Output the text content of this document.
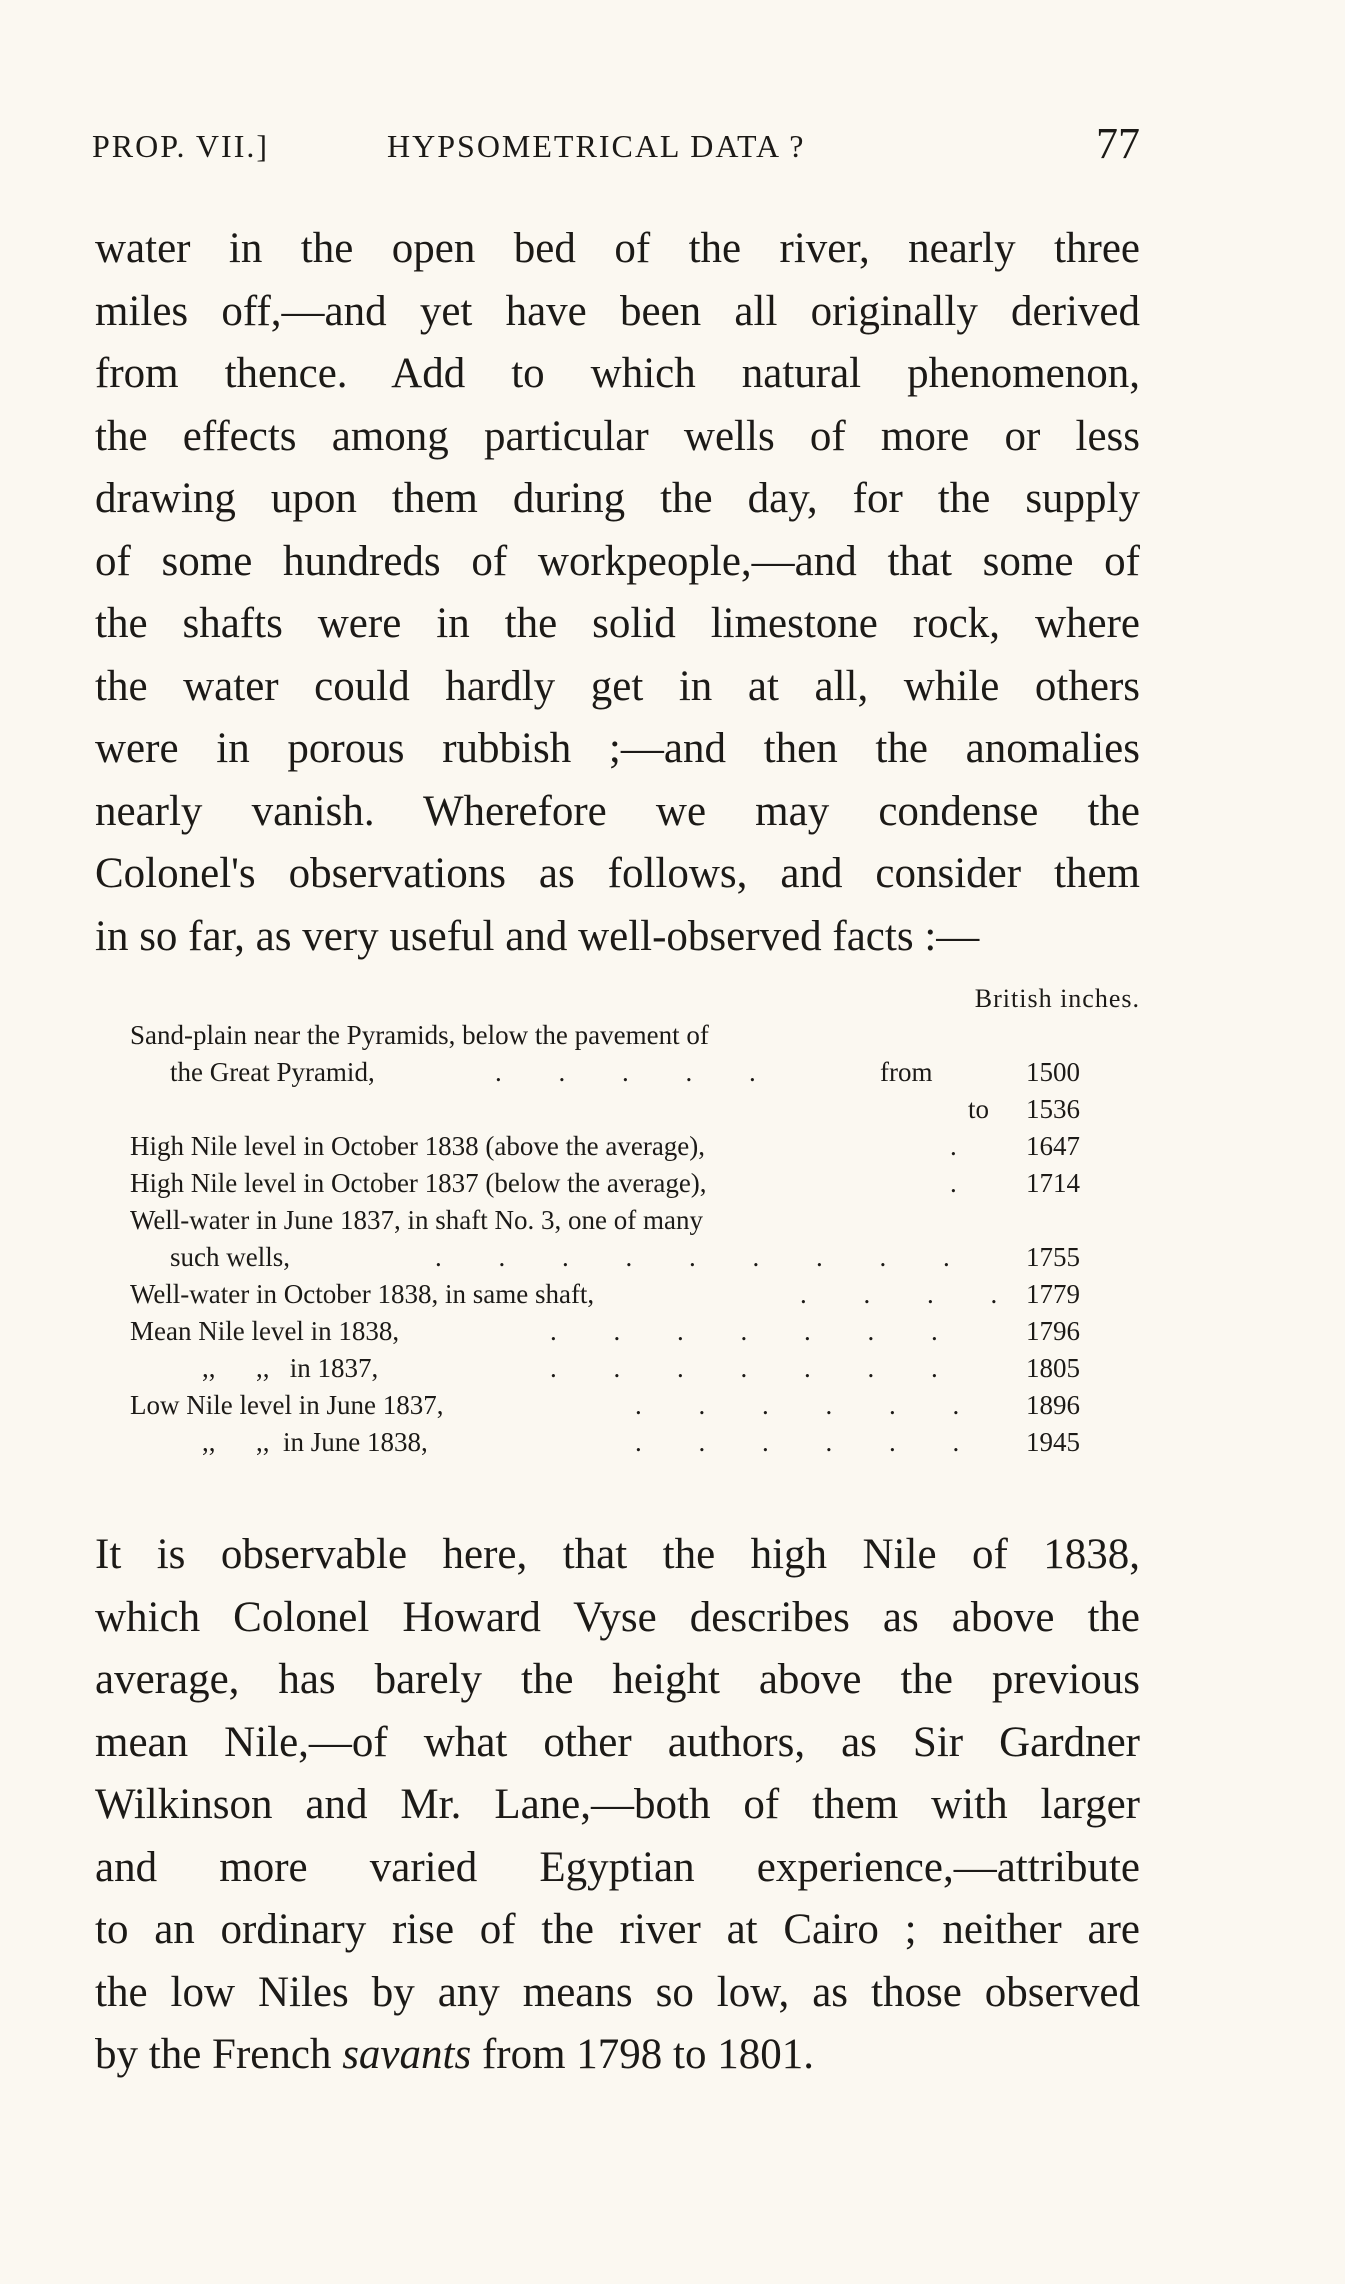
PROP. VII.]	HYPSOMETRICAL DATA ?	77
water in the open bed of the river, nearly three
miles off,—and yet have been all originally derived
from thence. Add to which natural phenomenon,
the effects among particular wells of more or less
drawing upon them during the day, for the supply
of some hundreds of workpeople,—and that some of
the shafts were in the solid limestone rock, where
the water could hardly get in at all, while others
were in porous rubbish ;—and then the anomalies
nearly vanish. Wherefore we may condense the
Colonel's observations as follows, and consider them
in so far, as very useful and well-observed facts :—
British inches.
Sand-plain near the Pyramids, below the pavement of
the Great Pyramid,	. . . . .	from	1500
to 1536
High Nile level in October 1838 (above the average),	. 1647
High Nile level in October 1837 (below the average),	. 1714
Well-water in June 1837, in shaft No. 3, one of many
such wells,	. . . . . . . . . 1755
Well-water in October 1838, in same shaft,	. . . . 1779
Mean Nile level in 1838,	. . . . . . . 1796
,,      ,,   in 1837,	. . . . . . . 1805
Low Nile level in June 1837,	. . . . . . 1896
,,      ,,  in June 1838,	. . . . . . 1945
It is observable here, that the high Nile of 1838,
which Colonel Howard Vyse describes as above the
average, has barely the height above the previous
mean Nile,—of what other authors, as Sir Gardner
Wilkinson and Mr. Lane,—both of them with larger
and more varied Egyptian experience,—attribute
to an ordinary rise of the river at Cairo ; neither are
the low Niles by any means so low, as those observed
by the French savants from 1798 to 1801.
